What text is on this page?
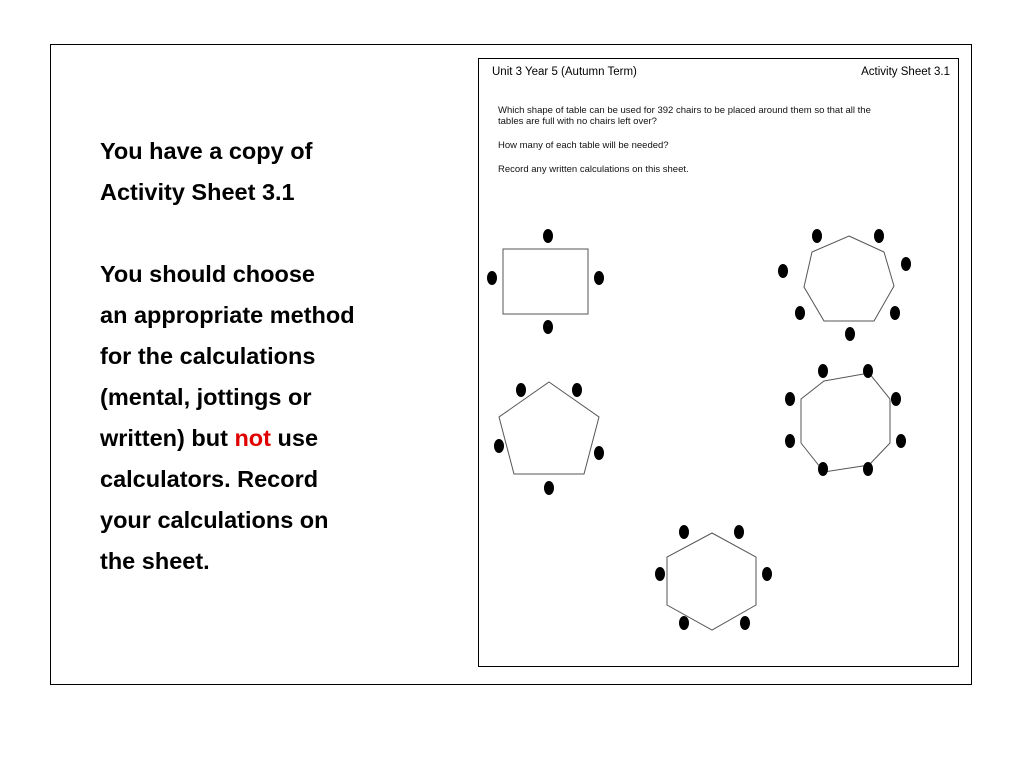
You have a copy of
Activity Sheet 3.1
You should choose
an appropriate method
for the calculations
(mental, jottings or
written) but not use
calculators. Record
your calculations on
the sheet.
Unit 3 Year 5 (Autumn Term)	Activity Sheet 3.1
Which shape of table can be used for 392 chairs to be placed around them so that all the
tables are full with no chairs left over?
How many of each table will be needed?
Record any written calculations on this sheet.
